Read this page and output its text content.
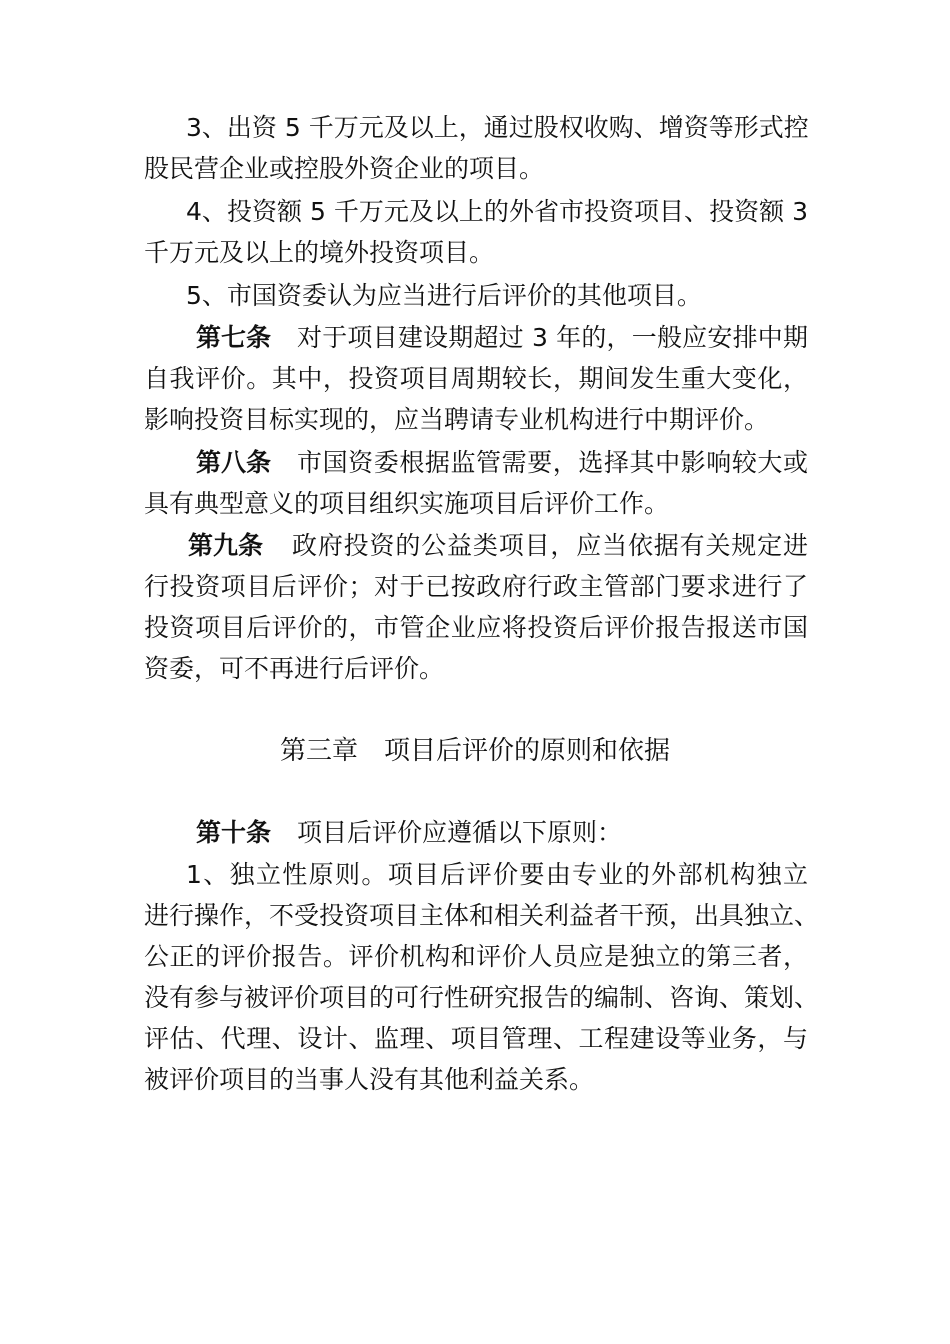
3、出资 5 千万元及以上，通过股权收购、增资等形式控
股民营企业或控股外资企业的项目。
4、投资额 5 千万元及以上的外省市投资项目、投资额 3
千万元及以上的境外投资项目。
5、市国资委认为应当进行后评价的其他项目。
第七条 对于项目建设期超过 3 年的，一般应安排中期
自我评价。其中，投资项目周期较长，期间发生重大变化，
影响投资目标实现的，应当聘请专业机构进行中期评价。
第八条 市国资委根据监管需要，选择其中影响较大或
具有典型意义的项目组织实施项目后评价工作。
第九条 政府投资的公益类项目，应当依据有关规定进
行投资项目后评价；对于已按政府行政主管部门要求进行了
投资项目后评价的，市管企业应将投资后评价报告报送市国
资委，可不再进行后评价。
第三章　项目后评价的原则和依据
第十条 项目后评价应遵循以下原则：
1、独立性原则。项目后评价要由专业的外部机构独立
进行操作，不受投资项目主体和相关利益者干预，出具独立、
公正的评价报告。评价机构和评价人员应是独立的第三者，
没有参与被评价项目的可行性研究报告的编制、咨询、策划、
评估、代理、设计、监理、项目管理、工程建设等业务，与
被评价项目的当事人没有其他利益关系。
